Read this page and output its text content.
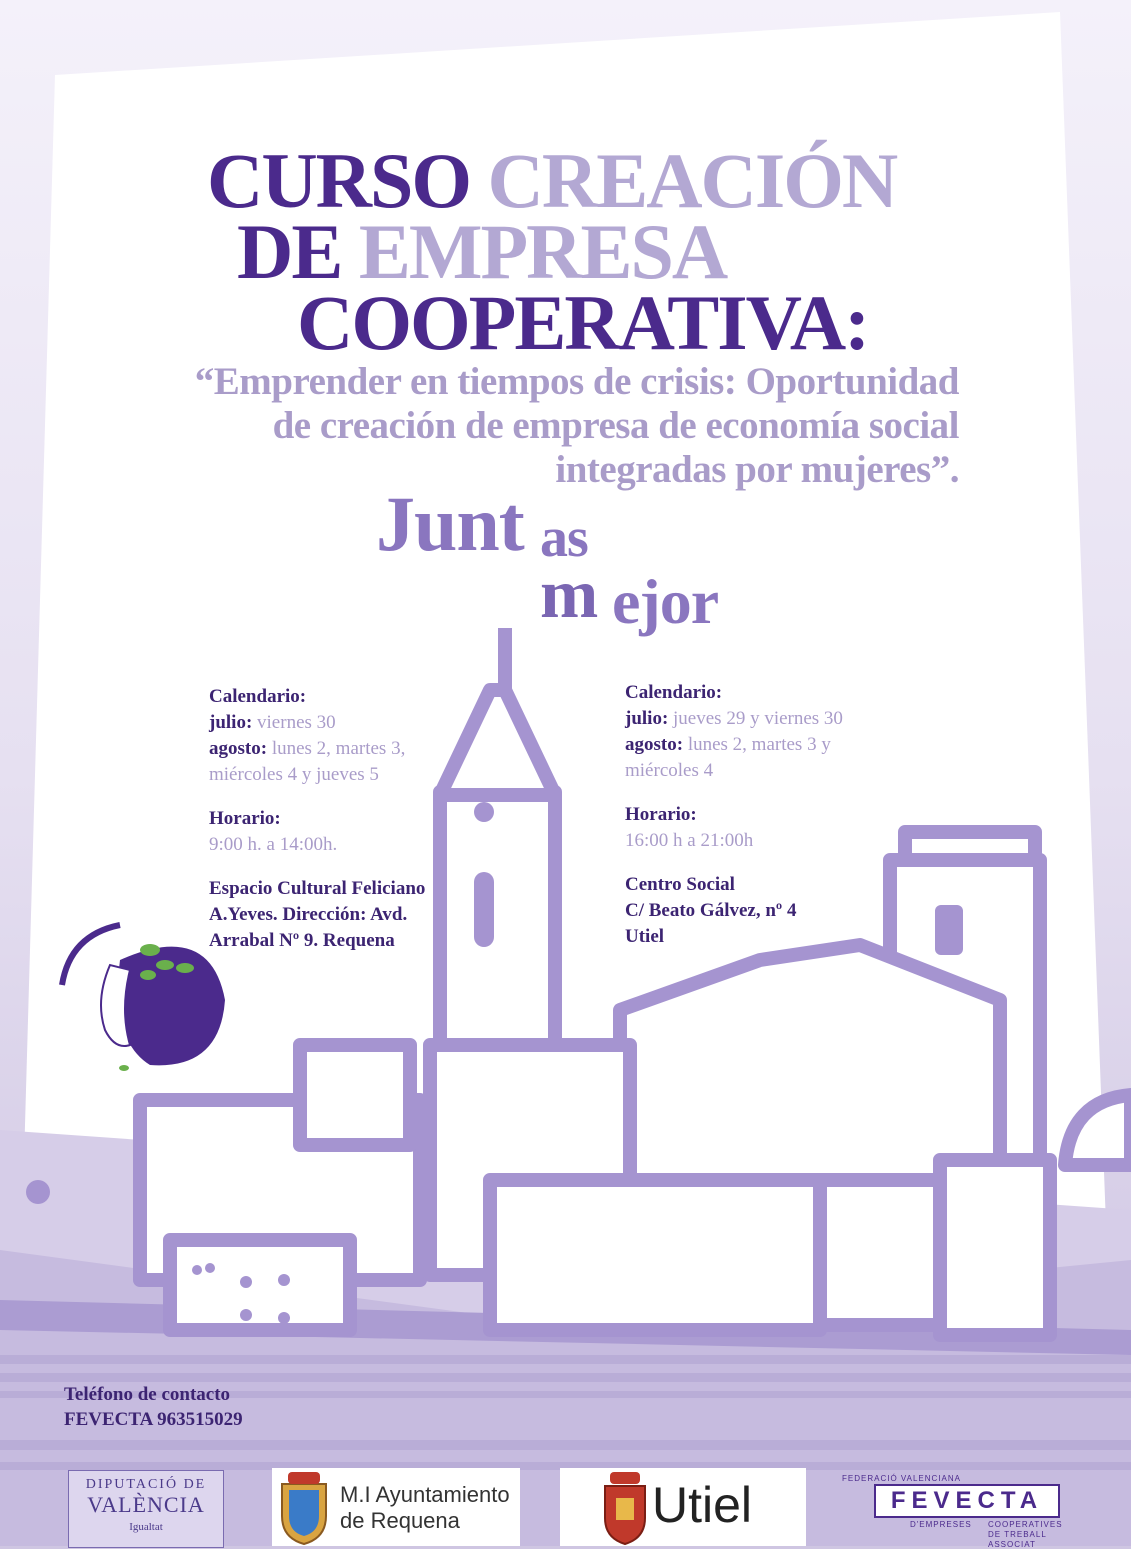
CURSO CREACIÓN
DE EMPRESA
COOPERATIVA:
“Emprender en tiempos de crisis: Oportunidad
de creación de empresa de economía social
integradas por mujeres”.
Junt as
m ejor

Calendario:

julio: viernes 30

agosto: lunes 2, martes 3,

miércoles 4 y jueves 5

Horario:

9:00 h. a 14:00h.

Espacio Cultural Feliciano

A.Yeves. Dirección: Avd.

Arrabal Nº 9. Requena

Calendario:

julio: jueves 29 y viernes 30

agosto: lunes 2, martes 3 y

miércoles 4

Horario:

16:00 h a 21:00h

Centro Social

C/ Beato Gálvez, nº 4

Utiel

Teléfono de contacto
FEVECTA 963515029
DIPUTACIÓ DE
VALÈNCIA
Igualtat
M.I Ayuntamiento
de Requena	Utiel	FEDERACIÓ VALENCIANA
FEVECTA
D'EMPRESES COOPERATIVES
DE TREBALL
ASSOCIAT
